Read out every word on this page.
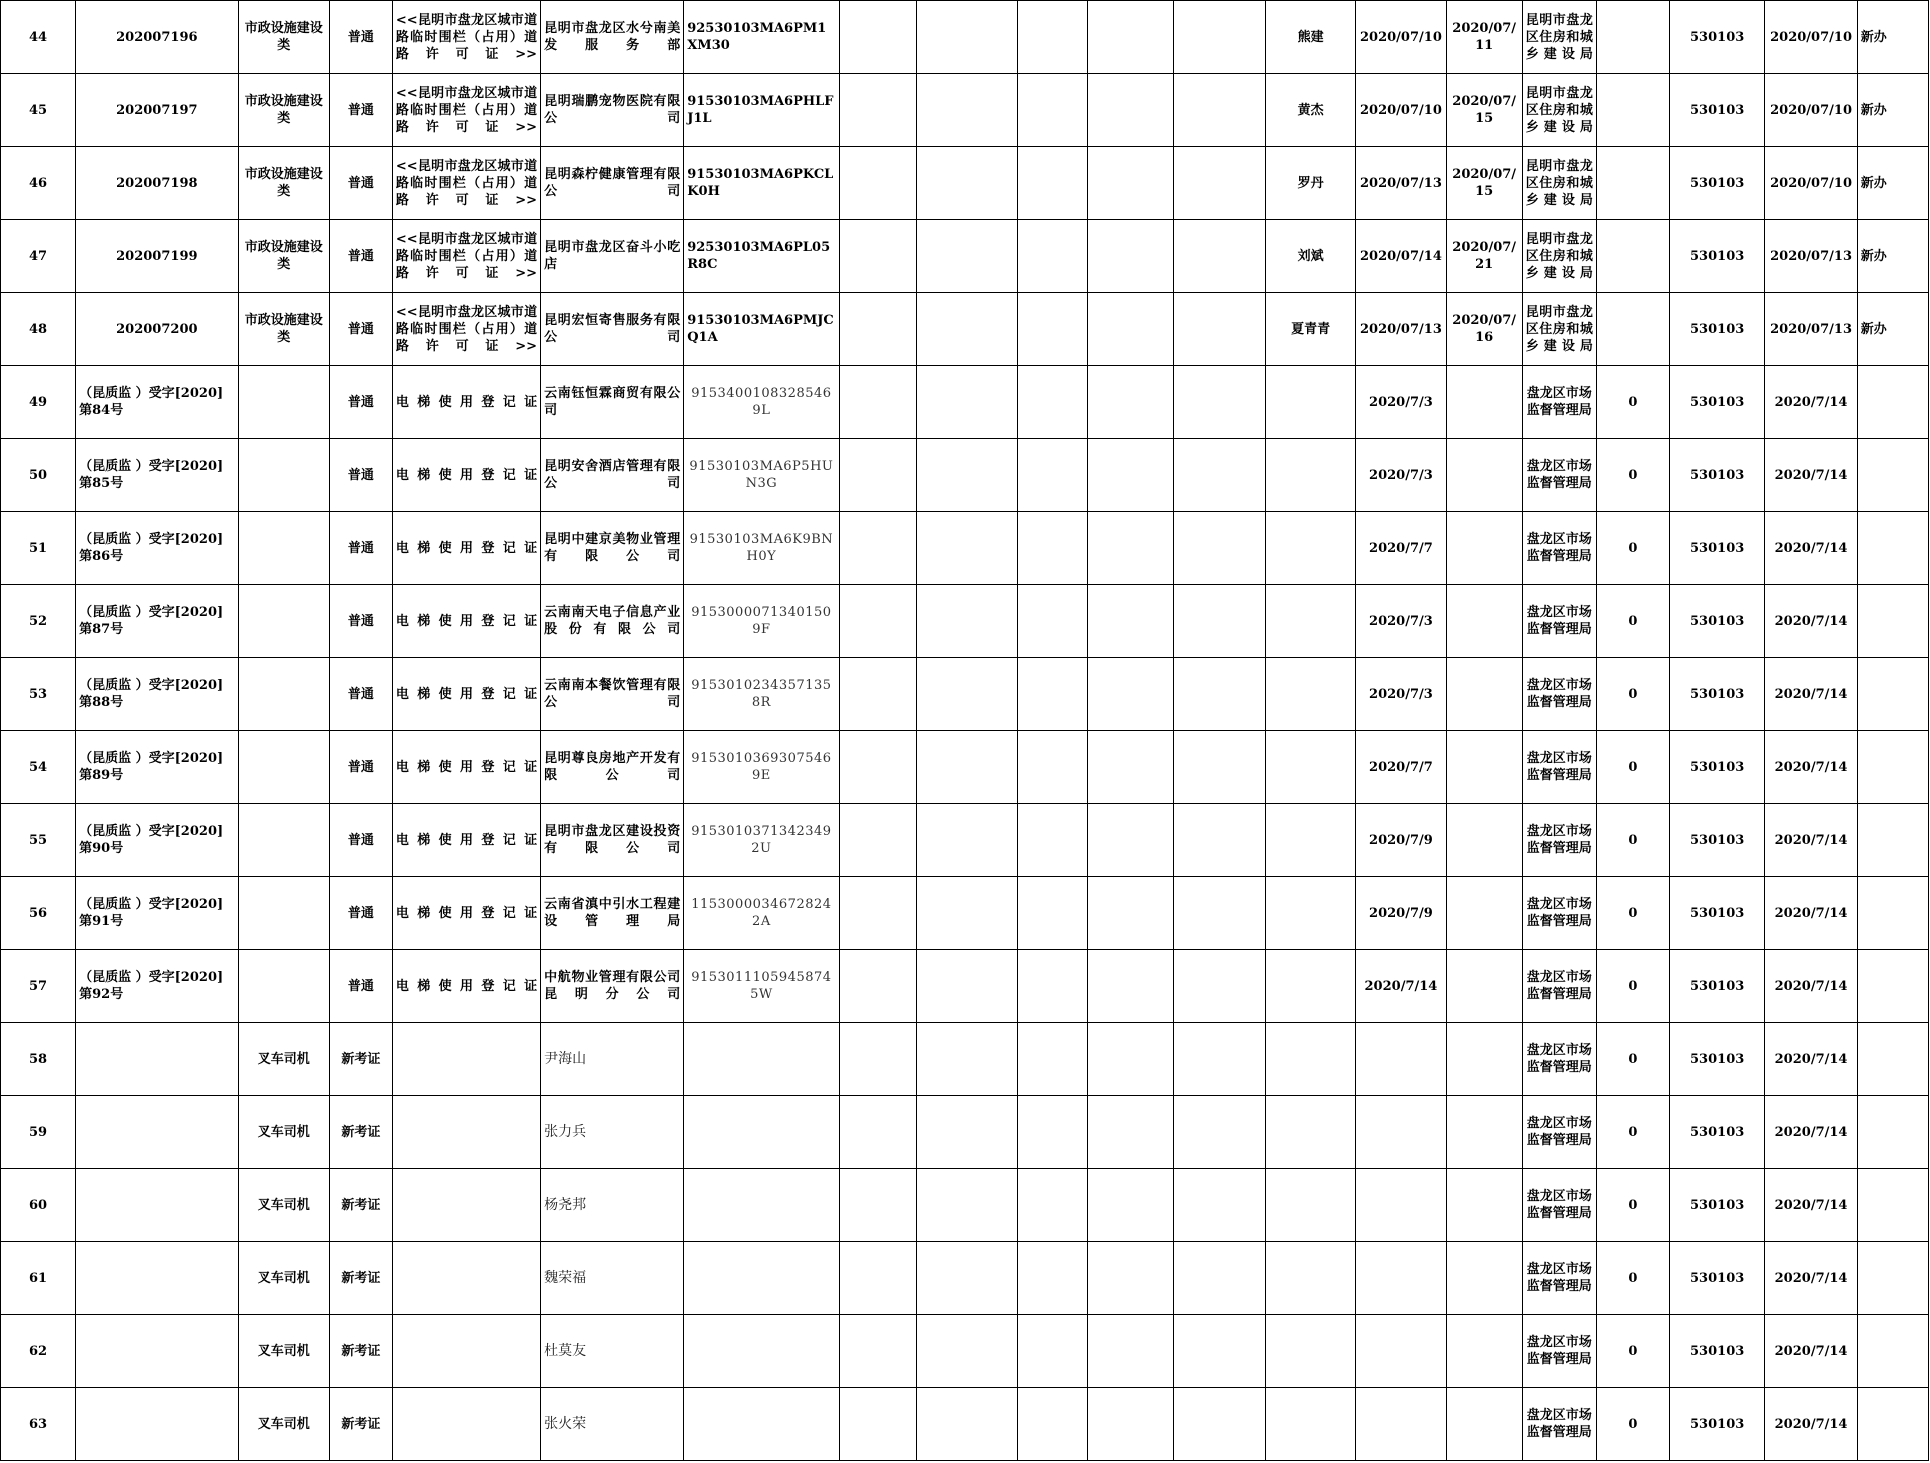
44	202007196	市政设施建设类	普通	<<昆明市盘龙区城市道路临时围栏（占用）道路许可证>>	昆明市盘龙区水兮南美发服务部	92530103MA6PM1XM30						熊建	2020/07/10	2020/07/11	昆明市盘龙区住房和城乡建设局		530103	2020/07/10	新办
45	202007197	市政设施建设类	普通	<<昆明市盘龙区城市道路临时围栏（占用）道路许可证>>	昆明瑞鹏宠物医院有限公司	91530103MA6PHLFJ1L						黄杰	2020/07/10	2020/07/15	昆明市盘龙区住房和城乡建设局		530103	2020/07/10	新办
46	202007198	市政设施建设类	普通	<<昆明市盘龙区城市道路临时围栏（占用）道路许可证>>	昆明森柠健康管理有限公司	91530103MA6PKCLK0H						罗丹	2020/07/13	2020/07/15	昆明市盘龙区住房和城乡建设局		530103	2020/07/10	新办
47	202007199	市政设施建设类	普通	<<昆明市盘龙区城市道路临时围栏（占用）道路许可证>>	昆明市盘龙区奋斗小吃店	92530103MA6PL05R8C						刘斌	2020/07/14	2020/07/21	昆明市盘龙区住房和城乡建设局		530103	2020/07/13	新办
48	202007200	市政设施建设类	普通	<<昆明市盘龙区城市道路临时围栏（占用）道路许可证>>	昆明宏恒寄售服务有限公司	91530103MA6PMJCQ1A						夏青青	2020/07/13	2020/07/16	昆明市盘龙区住房和城乡建设局		530103	2020/07/13	新办
49	（昆质监 ）受字[2020]第84号		普通	电梯使用登记证	云南钰恒霖商贸有限公司	91534001083285469L							2020/7/3		盘龙区市场监督管理局	0	530103	2020/7/14	
50	（昆质监 ）受字[2020]第85号		普通	电梯使用登记证	昆明安舍酒店管理有限公司	91530103MA6P5HUN3G							2020/7/3		盘龙区市场监督管理局	0	530103	2020/7/14	
51	（昆质监 ）受字[2020]第86号		普通	电梯使用登记证	昆明中建京美物业管理有限公司	91530103MA6K9BNH0Y							2020/7/7		盘龙区市场监督管理局	0	530103	2020/7/14	
52	（昆质监 ）受字[2020]第87号		普通	电梯使用登记证	云南南天电子信息产业股份有限公司	91530000713401509F							2020/7/3		盘龙区市场监督管理局	0	530103	2020/7/14	
53	（昆质监 ）受字[2020]第88号		普通	电梯使用登记证	云南南本餐饮管理有限公司	91530102343571358R							2020/7/3		盘龙区市场监督管理局	0	530103	2020/7/14	
54	（昆质监 ）受字[2020]第89号		普通	电梯使用登记证	昆明尊良房地产开发有限公司	91530103693075469E							2020/7/7		盘龙区市场监督管理局	0	530103	2020/7/14	
55	（昆质监 ）受字[2020]第90号		普通	电梯使用登记证	昆明市盘龙区建设投资有限公司	91530103713423492U							2020/7/9		盘龙区市场监督管理局	0	530103	2020/7/14	
56	（昆质监 ）受字[2020]第91号		普通	电梯使用登记证	云南省滇中引水工程建设管理局	11530000346728242A							2020/7/9		盘龙区市场监督管理局	0	530103	2020/7/14	
57	（昆质监 ）受字[2020]第92号		普通	电梯使用登记证	中航物业管理有限公司昆明分公司	91530111059458745W							2020/7/14		盘龙区市场监督管理局	0	530103	2020/7/14	
58		叉车司机	新考证		尹海山										盘龙区市场监督管理局	0	530103	2020/7/14	
59		叉车司机	新考证		张力兵										盘龙区市场监督管理局	0	530103	2020/7/14	
60		叉车司机	新考证		杨尧邦										盘龙区市场监督管理局	0	530103	2020/7/14	
61		叉车司机	新考证		魏荣福										盘龙区市场监督管理局	0	530103	2020/7/14	
62		叉车司机	新考证		杜莫友										盘龙区市场监督管理局	0	530103	2020/7/14	
63		叉车司机	新考证		张火荣										盘龙区市场监督管理局	0	530103	2020/7/14	
